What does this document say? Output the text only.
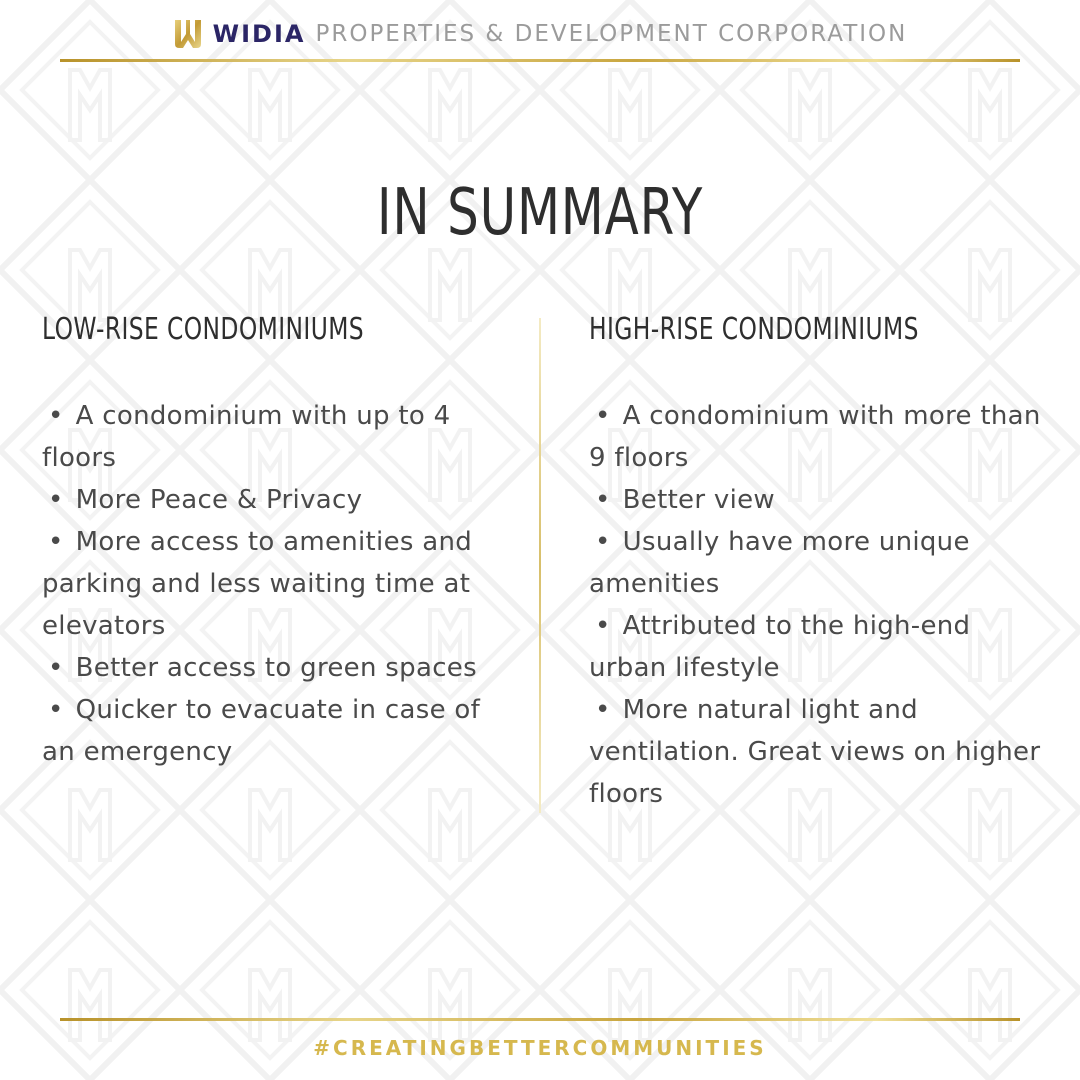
WIDIA PROPERTIES & DEVELOPMENT CORPORATION
IN SUMMARY
LOW-RISE CONDOMINIUMS
• A condominium with up to 4 floors
• More Peace & Privacy
• More access to amenities and parking and less waiting time at elevators
• Better access to green spaces
• Quicker to evacuate in case of an emergency
HIGH-RISE CONDOMINIUMS
• A condominium with more than 9 floors
• Better view
• Usually have more unique amenities
• Attributed to the high-end urban lifestyle
• More natural light and ventilation. Great views on higher floors
#CREATINGBETTERCOMMUNITIES
